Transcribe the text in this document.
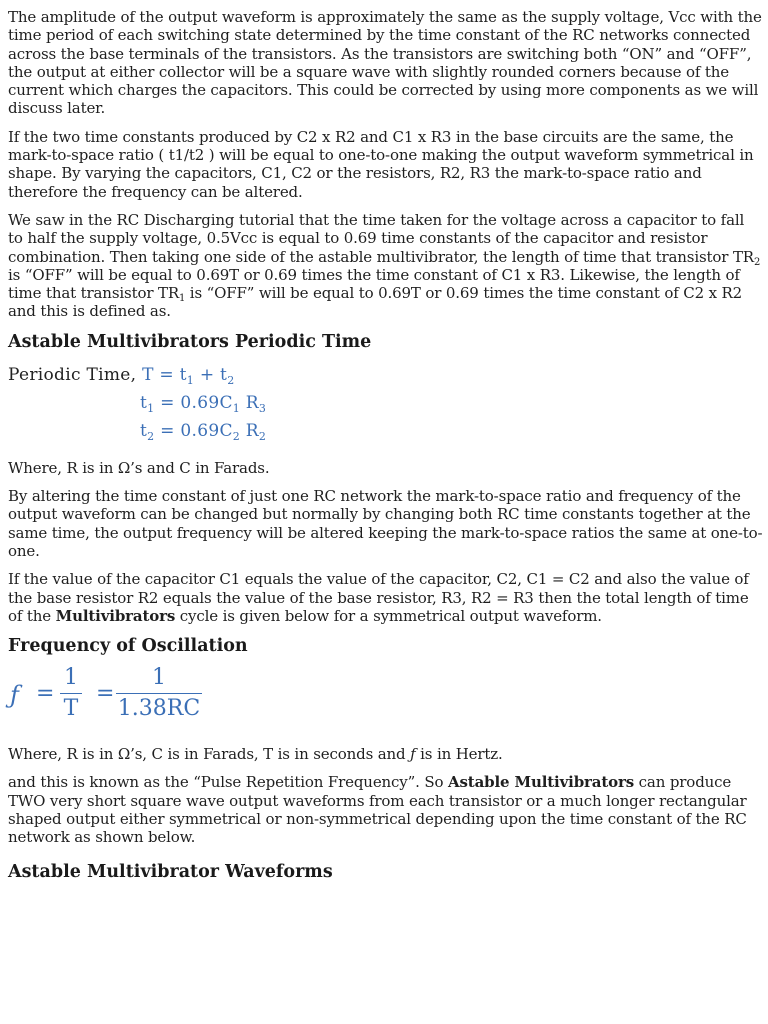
The amplitude of the output waveform is approximately the same as the supply voltage, Vcc with the time period of each switching state determined by the time constant of the RC networks connected across the base terminals of the transistors. As the transistors are switching both “ON” and “OFF”, the output at either collector will be a square wave with slightly rounded corners because of the current which charges the capacitors. This could be corrected by using more components as we will discuss later.

If the two time constants produced by C2 x R2 and C1 x R3 in the base circuits are the same, the mark-to-space ratio ( t1/t2 ) will be equal to one-to-one making the output waveform symmetrical in shape. By varying the capacitors, C1, C2 or the resistors, R2, R3 the mark-to-space ratio and therefore the frequency can be altered.

We saw in the RC Discharging tutorial that the time taken for the voltage across a capacitor to fall to half the supply voltage, 0.5Vcc is equal to 0.69 time constants of the capacitor and resistor combination. Then taking one side of the astable multivibrator, the length of time that transistor $TR_2$ is “OFF” will be equal to 0.69T or 0.69 times the time constant of C1 x R3. Likewise, the length of time that transistor $TR_1$ is “OFF” will be equal to 0.69T or 0.69 times the time constant of C2 x R2 and this is defined as.

Astable Multivibrators Periodic Time
Periodic Time, $T = t_1 + t_2$
$t_1 = 0.69C_1$ $R_3$
$t_2 = 0.69C_2$ $R_2$

Where, R is in Ω’s and C in Farads.

By altering the time constant of just one RC network the mark-to-space ratio and frequency of the output waveform can be changed but normally by changing both RC time constants together at the same time, the output frequency will be altered keeping the mark-to-space ratios the same at one-to-one.

If the value of the capacitor C1 equals the value of the capacitor, C2, C1 = C2 and also the value of the base resistor R2 equals the value of the base resistor, R3, R2 = R3 then the total length of time of the Multivibrators cycle is given below for a symmetrical output waveform.

Frequency of Oscillation
ƒ =
1
T
=
1
1.38RC

Where, R is in Ω’s, C is in Farads, T is in seconds and ƒ is in Hertz.

and this is known as the “Pulse Repetition Frequency”. So Astable Multivibrators can produce TWO very short square wave output waveforms from each transistor or a much longer rectangular shaped output either symmetrical or non-symmetrical depending upon the time constant of the RC network as shown below.

Astable Multivibrator Waveforms
